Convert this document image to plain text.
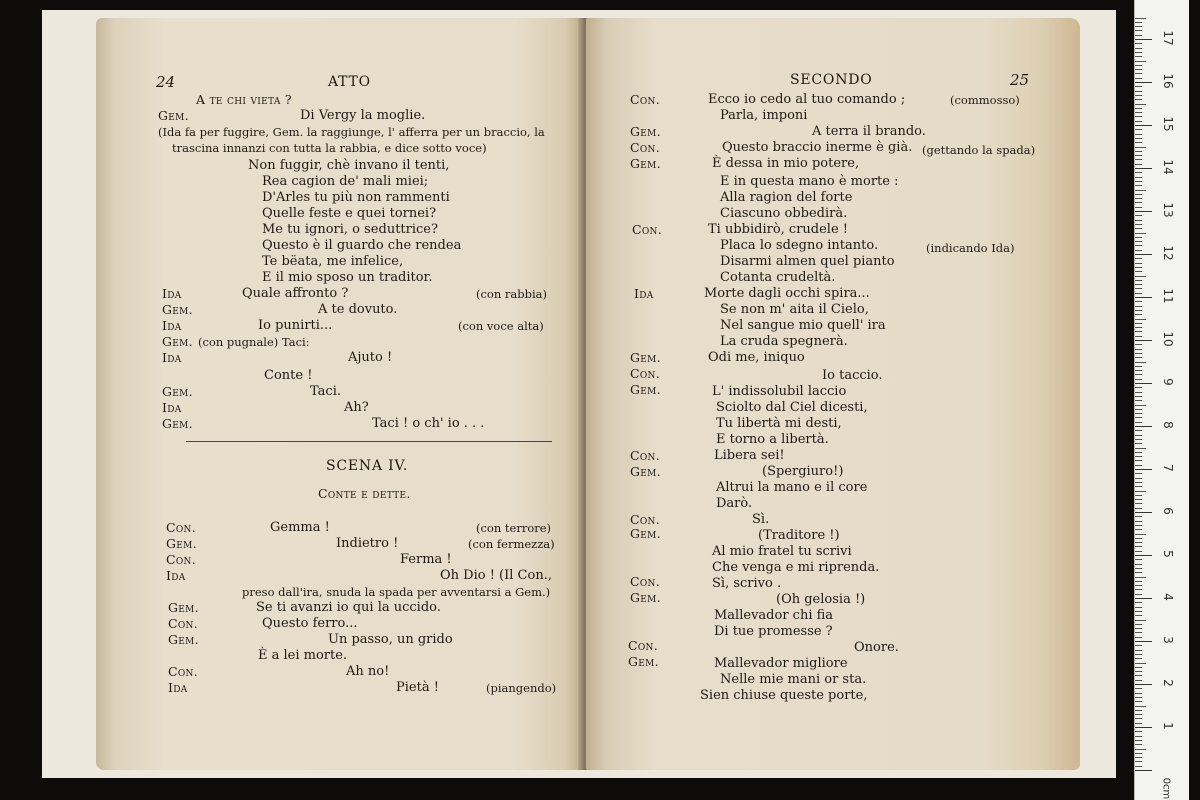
24	ATTO
A te chi vieta ?
Gem.	Di Vergy la moglie.
(Ida fa per fuggire, Gem. la raggiunge, l' afferra per un braccio, la
trascina innanzi con tutta la rabbia, e dice sotto voce)
Non fuggir, chè invano il tenti,
Rea cagion de' mali miei;
D'Arles tu più non rammenti
Quelle feste e quei tornei?
Me tu ignori, o seduttrice?
Questo è il guardo che rendea
Te bëata, me infelice,
E il mio sposo un traditor.
Ida	Quale affronto ?	(con rabbia)
Gem.	A te dovuto.
Ida	Io punirti...	(con voce alta)
Gem. (con pugnale) Taci:
Ida	Ajuto !
Conte !
Gem.	Taci.
Ida	Ah?
Gem.	Taci ! o ch' io . . .
SCENA IV.
Conte e dette.
Con.	Gemma !	(con terrore)
Gem.	Indietro !	(con fermezza)
Con.	Ferma !
Ida	Oh Dio ! (Il Con.,
preso dall'ira, snuda la spada per avventarsi a Gem.)
Gem.	Se ti avanzi io qui la uccido.
Con.	Questo ferro...
Gem.	Un passo, un grido
È a lei morte.
Con.	Ah no!
Ida	Pietà !	(piangendo)
SECONDO	25
Con.	Ecco io cedo al tuo comando ;	(commosso)
Parla, imponi
Gem.	A terra il brando.
Con.	Questo braccio inerme è già. (gettando la spada)
Gem.	È dessa in mio potere,
E in questa mano è morte :
Alla ragion del forte
Ciascuno obbedirà.
Con.	Ti ubbidirò, crudele !
Placa lo sdegno intanto.	(indicando Ida)
Disarmi almen quel pianto
Cotanta crudeltà.
Ida	Morte dagli occhi spira...
Se non m' aita il Cielo,
Nel sangue mio quell' ira
La cruda spegnerà.
Gem.	Odi me, iniquo
Con.	Io taccio.
Gem.	L' indissolubil laccio
Sciolto dal Ciel dicesti,
Tu libertà mi desti,
E torno a libertà.
Con.	Libera sei!
Gem.	(Spergiuro!)
Altrui la mano e il core
Darò.
Con.	Sì.
Gem.	(Traditore !)
Al mio fratel tu scrivi
Che venga e mi riprenda.
Con.	Sì, scrivo .
Gem.	(Oh gelosia !)
Mallevador chi fia
Di tue promesse ?
Con.	Onore.
Gem.	Mallevador migliore
Nelle mie mani or sta.
Sien chiuse queste porte,
0cm
1
2
3
4
5
6
7
8
9
10
11
12
13
14
15
16
17
